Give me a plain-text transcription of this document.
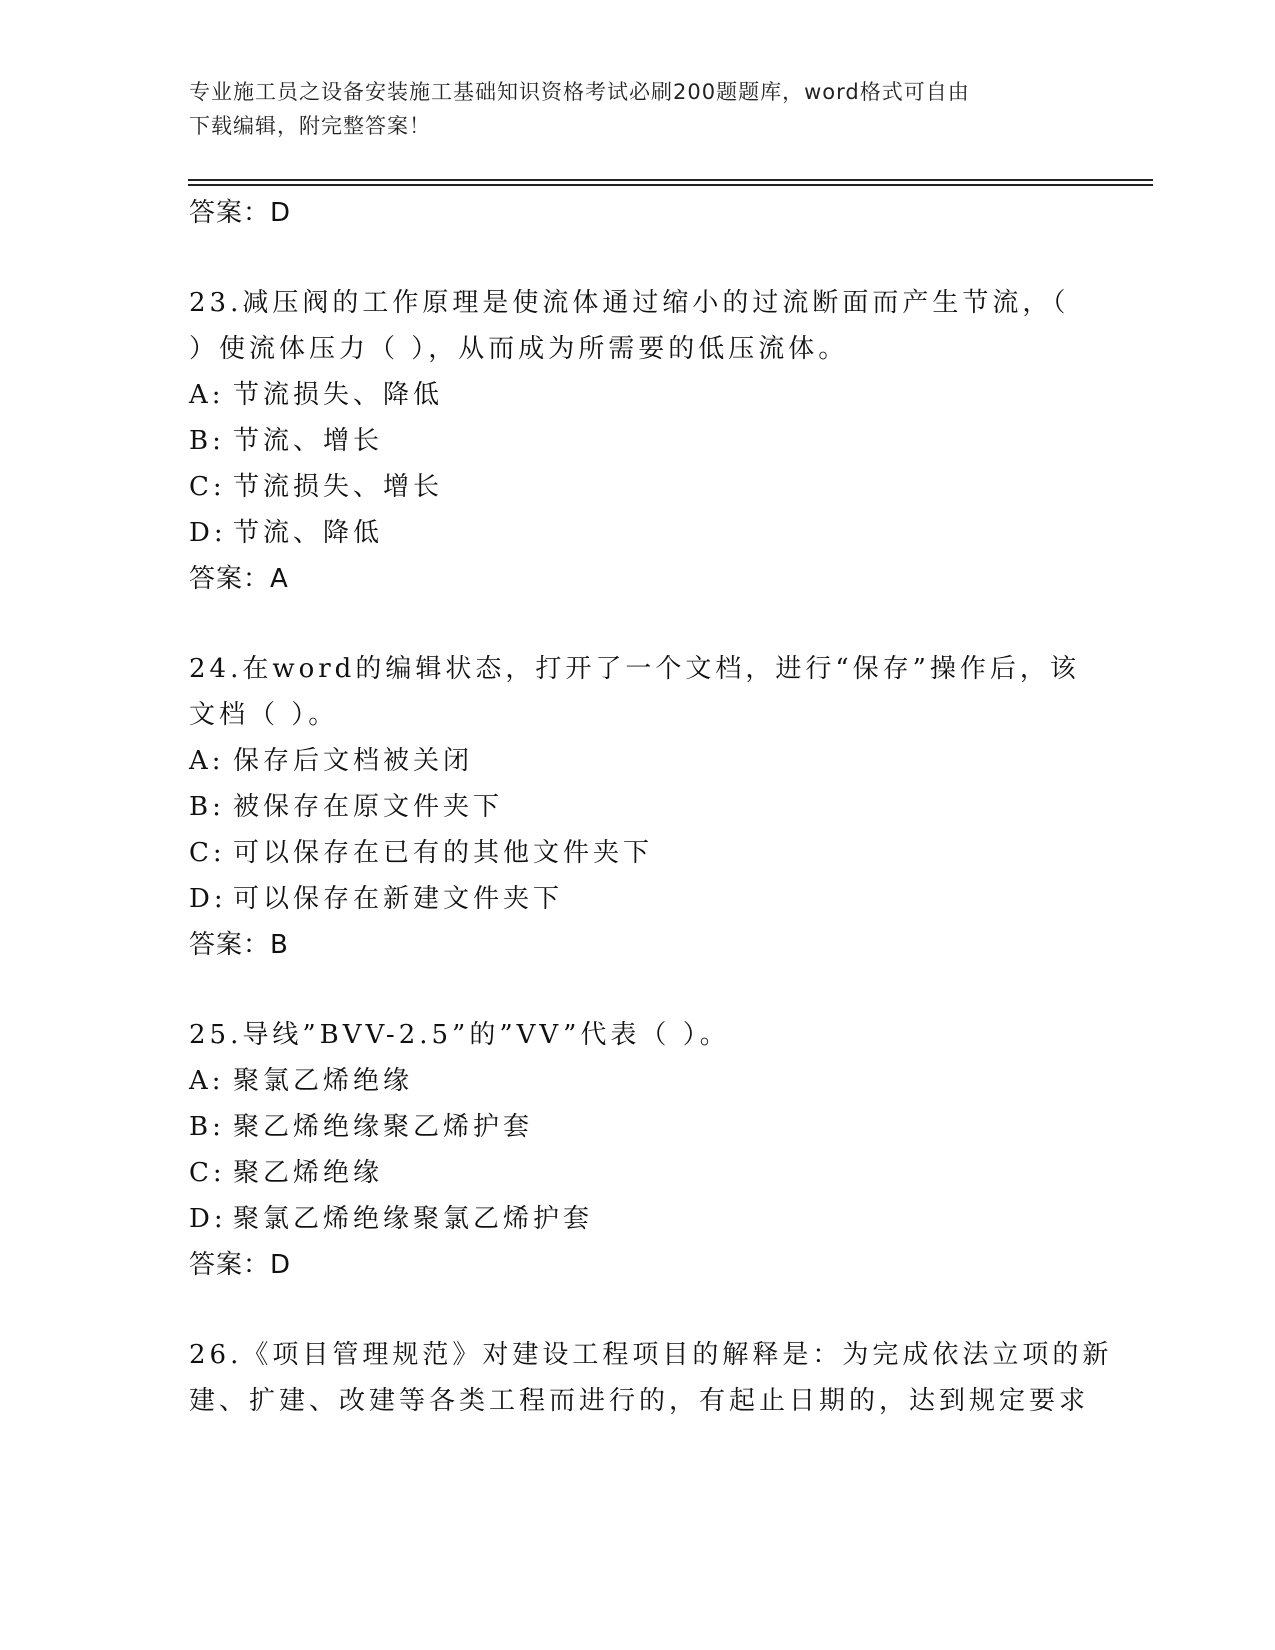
专业施工员之设备安装施工基础知识资格考试必刷200题题库，word格式可自由
下载编辑，附完整答案！
答案：D
23.减压阀的工作原理是使流体通过缩小的过流断面而产生节流，（
）使流体压力（ ），从而成为所需要的低压流体。
A: 节流损失、降低
B: 节流、增长
C: 节流损失、增长
D: 节流、降低
答案：A
24.在word的编辑状态，打开了一个文档，进行“保存”操作后，该
文档（ ）。
A: 保存后文档被关闭
B: 被保存在原文件夹下
C: 可以保存在已有的其他文件夹下
D: 可以保存在新建文件夹下
答案：B
25.导线”BVV-2.5”的”VV”代表（ ）。
A: 聚氯乙烯绝缘
B: 聚乙烯绝缘聚乙烯护套
C: 聚乙烯绝缘
D: 聚氯乙烯绝缘聚氯乙烯护套
答案：D
26.《项目管理规范》对建设工程项目的解释是：为完成依法立项的新
建、扩建、改建等各类工程而进行的，有起止日期的，达到规定要求
